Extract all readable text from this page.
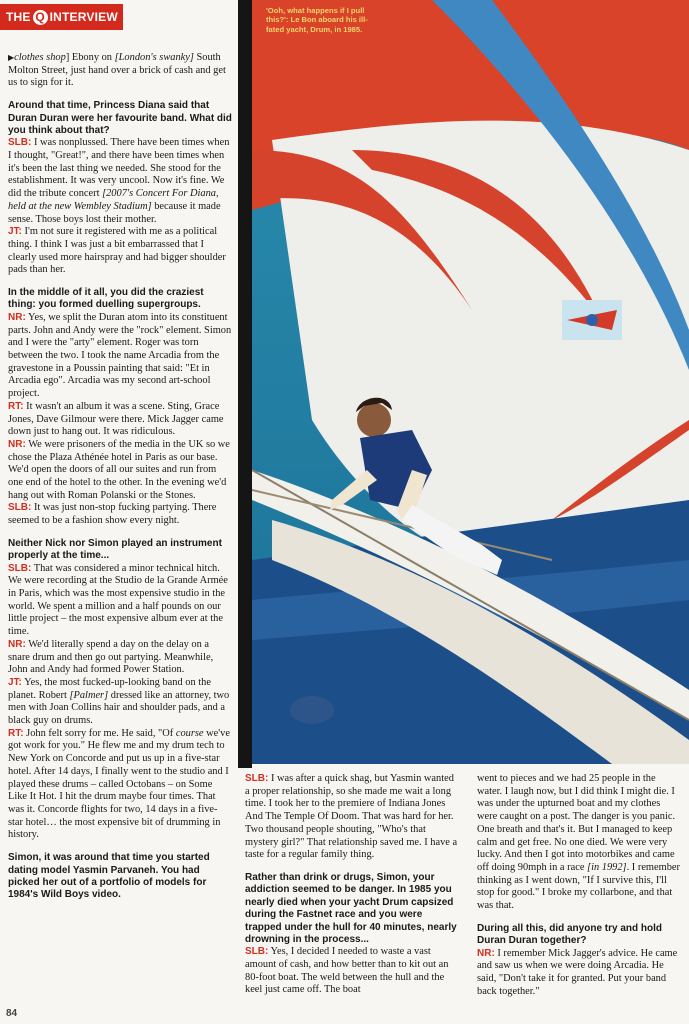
THE Q INTERVIEW

▶clothes shop] Ebony on [London's swanky] South Molton Street, just hand over a brick of cash and get us to sign for it.

Around that time, Princess Diana said that Duran Duran were her favourite band. What did you think about that?

SLB: I was nonplussed. There have been times when I thought, "Great!", and there have been times when it's been the last thing we needed. She stood for the establishment. It was very uncool. Now it's fine. We did the tribute concert [2007's Concert For Diana, held at the new Wembley Stadium] because it made sense. Those boys lost their mother.

JT: I'm not sure it registered with me as a political thing. I think I was just a bit embarrassed that I clearly used more hairspray and had bigger shoulder pads than her.

In the middle of it all, you did the craziest thing: you formed duelling supergroups.

NR: Yes, we split the Duran atom into its constituent parts. John and Andy were the "rock" element. Simon and I were the "arty" element. Roger was torn between the two. I took the name Arcadia from the gravestone in a Poussin painting that said: "Et in Arcadia ego". Arcadia was my second art-school project.

RT: It wasn't an album it was a scene. Sting, Grace Jones, Dave Gilmour were there. Mick Jagger came down just to hang out. It was ridiculous.

NR: We were prisoners of the media in the UK so we chose the Plaza Athénée hotel in Paris as our base. We'd open the doors of all our suites and run from one end of the hotel to the other. In the evening we'd hang out with Roman Polanski or the Stones.

SLB: It was just non-stop fucking partying. There seemed to be a fashion show every night.

Neither Nick nor Simon played an instrument properly at the time...

SLB: That was considered a minor technical hitch. We were recording at the Studio de la Grande Armée in Paris, which was the most expensive studio in the world. We spent a million and a half pounds on our little project – the most expensive album ever at the time.

NR: We'd literally spend a day on the delay on a snare drum and then go out partying. Meanwhile, John and Andy had formed Power Station.

JT: Yes, the most fucked-up-looking band on the planet. Robert [Palmer] dressed like an attorney, two men with Joan Collins hair and shoulder pads, and a black guy on drums.

RT: John felt sorry for me. He said, "Of course we've got work for you." He flew me and my drum tech to New York on Concorde and put us up in a five-star hotel. After 14 days, I finally went to the studio and I played these drums – called Octobans – on Some Like It Hot. I hit the drum maybe four times. That was it. Concorde flights for two, 14 days in a five-star hotel… the most expensive bit of drumming in history.

Simon, it was around that time you started dating model Yasmin Parvaneh. You had picked her out of a portfolio of models for 1984's Wild Boys video.

'Ooh, what happens if I pull this?': Le Bon aboard his ill-fated yacht, Drum, in 1985.

SLB: I was after a quick shag, but Yasmin wanted a proper relationship, so she made me wait a long time. I took her to the premiere of Indiana Jones And The Temple Of Doom. That was hard for her. Two thousand people shouting, "Who's that mystery girl?" That relationship saved me. I have a taste for a regular family thing.

Rather than drink or drugs, Simon, your addiction seemed to be danger. In 1985 you nearly died when your yacht Drum capsized during the Fastnet race and you were trapped under the hull for 40 minutes, nearly drowning in the process...

SLB: Yes, I decided I needed to waste a vast amount of cash, and how better than to kit out an 80-foot boat. The weld between the hull and the keel just came off. The boat

went to pieces and we had 25 people in the water. I laugh now, but I did think I might die. I was under the upturned boat and my clothes were caught on a post. The danger is you panic. One breath and that's it. But I managed to keep calm and get free. No one died. We were very lucky. And then I got into motorbikes and came off doing 90mph in a race [in 1992]. I remember thinking as I went down, "If I survive this, I'll stop for good." I broke my collarbone, and that was that.

During all this, did anyone try and hold Duran Duran together?

NR: I remember Mick Jagger's advice. He came and saw us when we were doing Arcadia. He said, "Don't take it for granted. Put your band back together."

84
